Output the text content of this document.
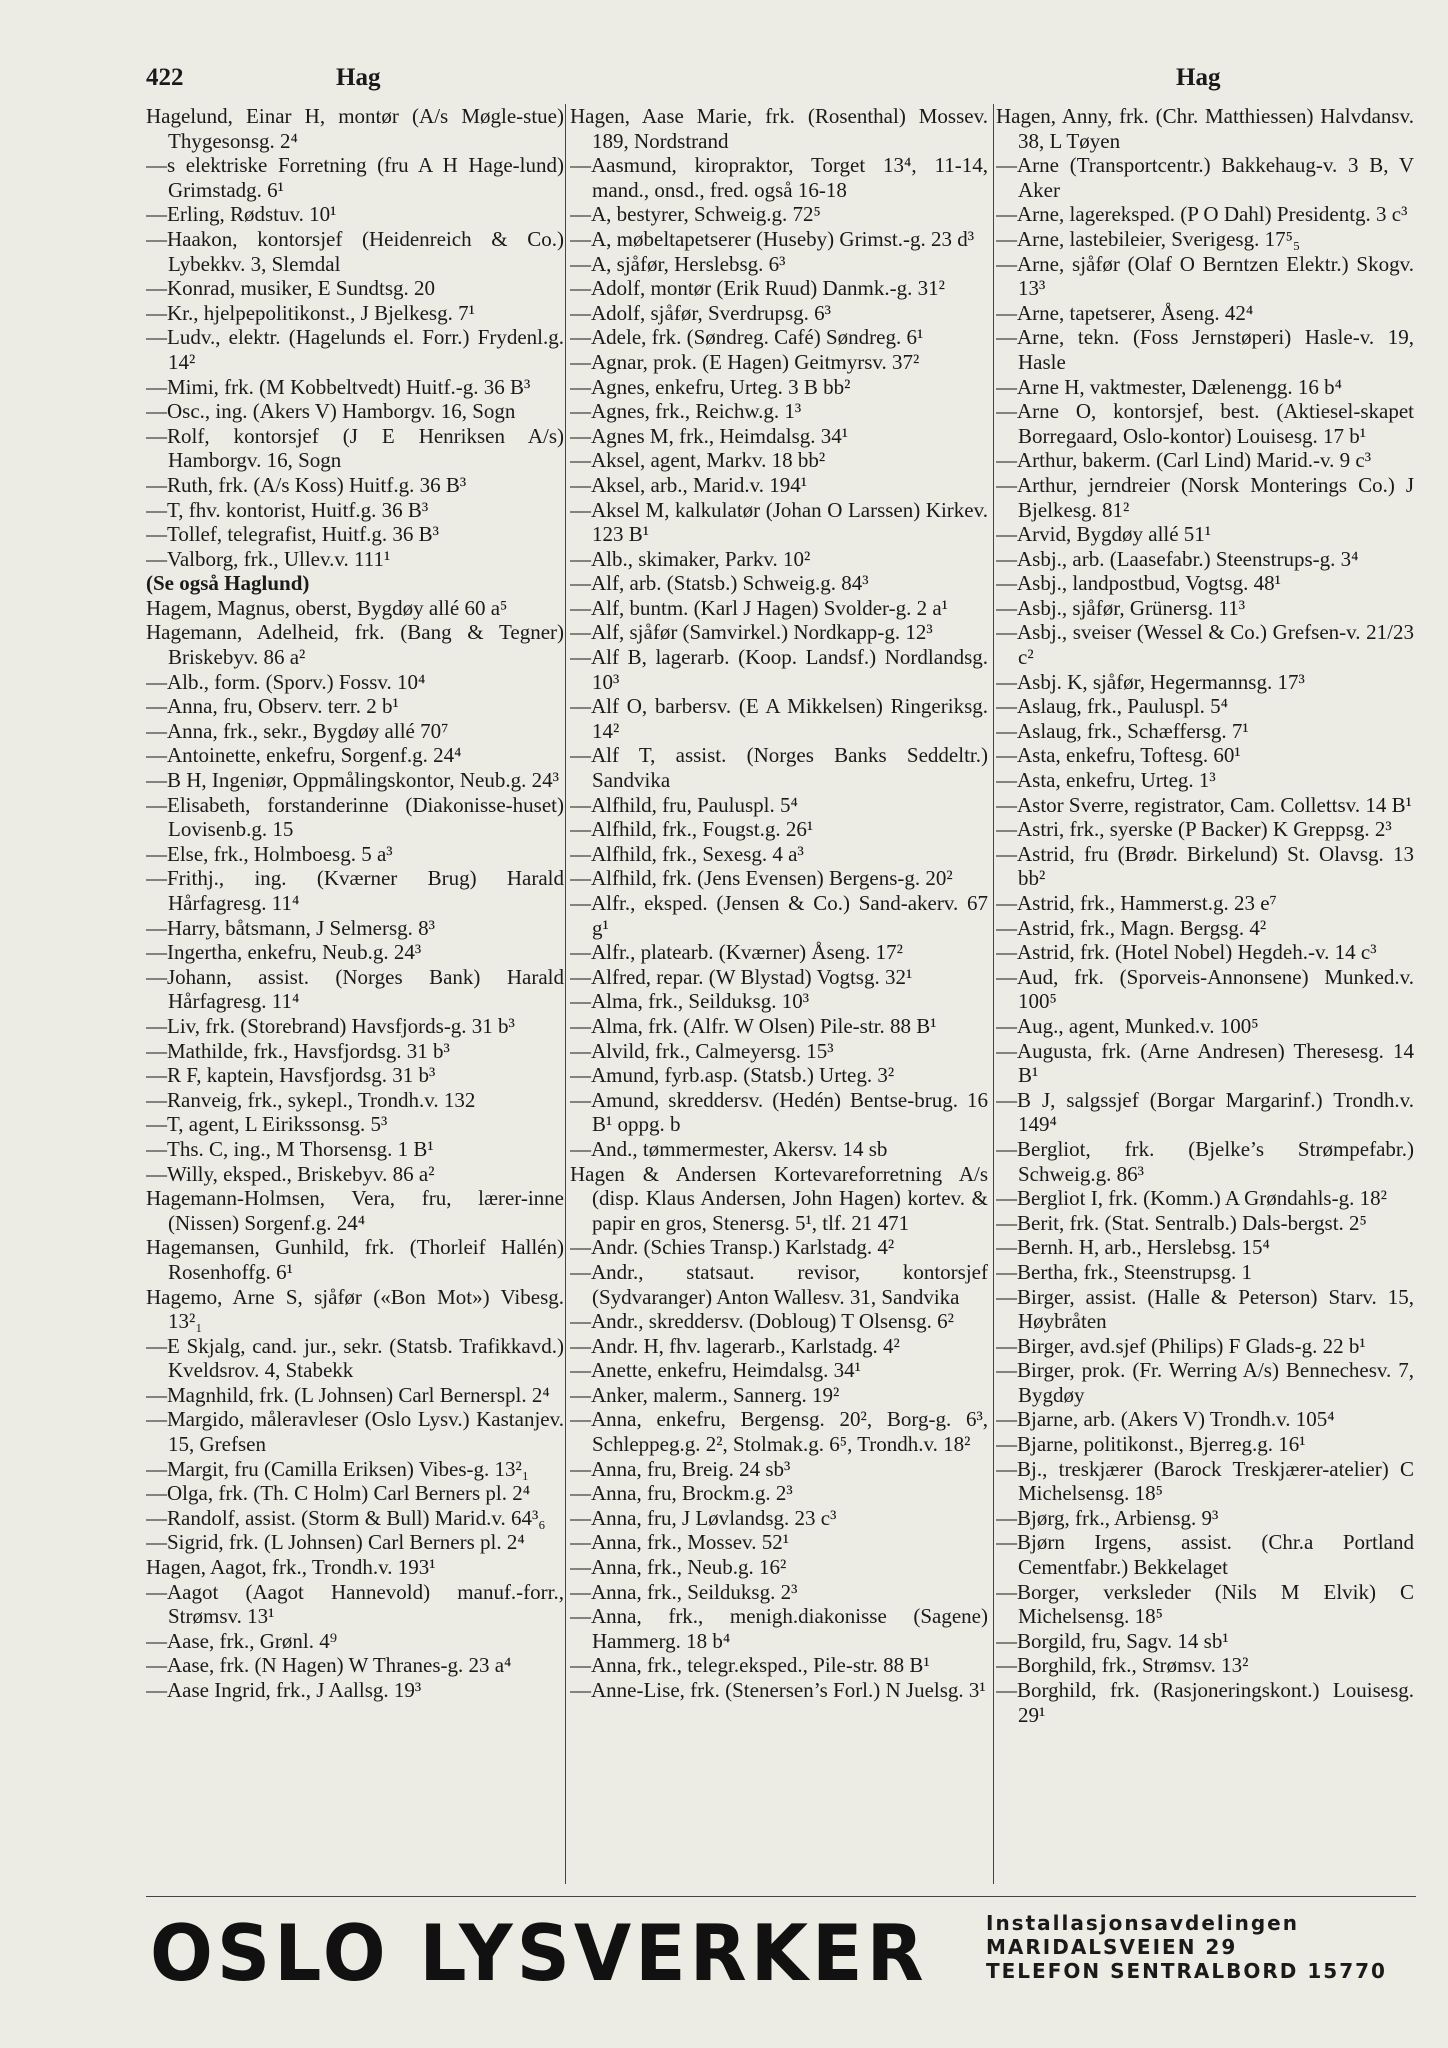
422	Hag	Hag
Hagelund, Einar H, montør (A/s Møgle-stue) Thygesonsg. 2⁴
—s elektriske Forretning (fru A H Hage-lund) Grimstadg. 6¹
—Erling, Rødstuv. 10¹
—Haakon, kontorsjef (Heidenreich & Co.) Lybekkv. 3, Slemdal
—Konrad, musiker, E Sundtsg. 20
—Kr., hjelpepolitikonst., J Bjelkesg. 7¹
—Ludv., elektr. (Hagelunds el. Forr.) Frydenl.g. 14²
—Mimi, frk. (M Kobbeltvedt) Huitf.-g. 36 B³
—Osc., ing. (Akers V) Hamborgv. 16, Sogn
—Rolf, kontorsjef (J E Henriksen A/s) Hamborgv. 16, Sogn
—Ruth, frk. (A/s Koss) Huitf.g. 36 B³
—T, fhv. kontorist, Huitf.g. 36 B³
—Tollef, telegrafist, Huitf.g. 36 B³
—Valborg, frk., Ullev.v. 111¹
(Se også Haglund)
Hagem, Magnus, oberst, Bygdøy allé 60 a⁵
Hagemann, Adelheid, frk. (Bang & Tegner) Briskebyv. 86 a²
—Alb., form. (Sporv.) Fossv. 10⁴
—Anna, fru, Observ. terr. 2 b¹
—Anna, frk., sekr., Bygdøy allé 70⁷
—Antoinette, enkefru, Sorgenf.g. 24⁴
—B H, Ingeniør, Oppmålingskontor, Neub.g. 24³
—Elisabeth, forstanderinne (Diakonisse-huset) Lovisenb.g. 15
—Else, frk., Holmboesg. 5 a³
—Frithj., ing. (Kværner Brug) Harald Hårfagresg. 11⁴
—Harry, båtsmann, J Selmersg. 8³
—Ingertha, enkefru, Neub.g. 24³
—Johann, assist. (Norges Bank) Harald Hårfagresg. 11⁴
—Liv, frk. (Storebrand) Havsfjords-g. 31 b³
—Mathilde, frk., Havsfjordsg. 31 b³
—R F, kaptein, Havsfjordsg. 31 b³
—Ranveig, frk., sykepl., Trondh.v. 132
—T, agent, L Eirikssonsg. 5³
—Ths. C, ing., M Thorsensg. 1 B¹
—Willy, eksped., Briskebyv. 86 a²
Hagemann-Holmsen, Vera, fru, lærer-inne (Nissen) Sorgenf.g. 24⁴
Hagemansen, Gunhild, frk. (Thorleif Hallén) Rosenhoffg. 6¹
Hagemo, Arne S, sjåfør («Bon Mot») Vibesg. 13²₁
—E Skjalg, cand. jur., sekr. (Statsb. Trafikkavd.) Kveldsrov. 4, Stabekk
—Magnhild, frk. (L Johnsen) Carl Bernerspl. 2⁴
—Margido, måleravleser (Oslo Lysv.) Kastanjev. 15, Grefsen
—Margit, fru (Camilla Eriksen) Vibes-g. 13²₁
—Olga, frk. (Th. C Holm) Carl Berners pl. 2⁴
—Randolf, assist. (Storm & Bull) Marid.v. 64³₆
—Sigrid, frk. (L Johnsen) Carl Berners pl. 2⁴
Hagen, Aagot, frk., Trondh.v. 193¹
—Aagot (Aagot Hannevold) manuf.-forr., Strømsv. 13¹
—Aase, frk., Grønl. 4⁹
—Aase, frk. (N Hagen) W Thranes-g. 23 a⁴
—Aase Ingrid, frk., J Aallsg. 19³
Hagen, Aase Marie, frk. (Rosenthal) Mossev. 189, Nordstrand
—Aasmund, kiropraktor, Torget 13⁴, 11-14, mand., onsd., fred. også 16-18
—A, bestyrer, Schweig.g. 72⁵
—A, møbeltapetserer (Huseby) Grimst.-g. 23 d³
—A, sjåfør, Herslebsg. 6³
—Adolf, montør (Erik Ruud) Danmk.-g. 31²
—Adolf, sjåfør, Sverdrupsg. 6³
—Adele, frk. (Søndreg. Café) Søndreg. 6¹
—Agnar, prok. (E Hagen) Geitmyrsv. 37²
—Agnes, enkefru, Urteg. 3 B bb²
—Agnes, frk., Reichw.g. 1³
—Agnes M, frk., Heimdalsg. 34¹
—Aksel, agent, Markv. 18 bb²
—Aksel, arb., Marid.v. 194¹
—Aksel M, kalkulatør (Johan O Larssen) Kirkev. 123 B¹
—Alb., skimaker, Parkv. 10²
—Alf, arb. (Statsb.) Schweig.g. 84³
—Alf, buntm. (Karl J Hagen) Svolder-g. 2 a¹
—Alf, sjåfør (Samvirkel.) Nordkapp-g. 12³
—Alf B, lagerarb. (Koop. Landsf.) Nordlandsg. 10³
—Alf O, barbersv. (E A Mikkelsen) Ringeriksg. 14²
—Alf T, assist. (Norges Banks Seddeltr.) Sandvika
—Alfhild, fru, Pauluspl. 5⁴
—Alfhild, frk., Fougst.g. 26¹
—Alfhild, frk., Sexesg. 4 a³
—Alfhild, frk. (Jens Evensen) Bergens-g. 20²
—Alfr., eksped. (Jensen & Co.) Sand-akerv. 67 g¹
—Alfr., platearb. (Kværner) Åseng. 17²
—Alfred, repar. (W Blystad) Vogtsg. 32¹
—Alma, frk., Seilduksg. 10³
—Alma, frk. (Alfr. W Olsen) Pile-str. 88 B¹
—Alvild, frk., Calmeyersg. 15³
—Amund, fyrb.asp. (Statsb.) Urteg. 3²
—Amund, skreddersv. (Hedén) Bentse-brug. 16 B¹ oppg. b
—And., tømmermester, Akersv. 14 sb
Hagen & Andersen Kortevareforretning A/s (disp. Klaus Andersen, John Hagen) kortev. & papir en gros, Stenersg. 5¹, tlf. 21 471
—Andr. (Schies Transp.) Karlstadg. 4²
—Andr., statsaut. revisor, kontorsjef (Sydvaranger) Anton Wallesv. 31, Sandvika
—Andr., skreddersv. (Dobloug) T Olsensg. 6²
—Andr. H, fhv. lagerarb., Karlstadg. 4²
—Anette, enkefru, Heimdalsg. 34¹
—Anker, malerm., Sannerg. 19²
—Anna, enkefru, Bergensg. 20², Borg-g. 6³, Schleppeg.g. 2², Stolmak.g. 6⁵, Trondh.v. 18²
—Anna, fru, Breig. 24 sb³
—Anna, fru, Brockm.g. 2³
—Anna, fru, J Løvlandsg. 23 c³
—Anna, frk., Mossev. 52¹
—Anna, frk., Neub.g. 16²
—Anna, frk., Seilduksg. 2³
—Anna, frk., menigh.diakonisse (Sagene) Hammerg. 18 b⁴
—Anna, frk., telegr.eksped., Pile-str. 88 B¹
—Anne-Lise, frk. (Stenersen’s Forl.) N Juelsg. 3¹
Hagen, Anny, frk. (Chr. Matthiessen) Halvdansv. 38, L Tøyen
—Arne (Transportcentr.) Bakkehaug-v. 3 B, V Aker
—Arne, lagereksped. (P O Dahl) Presidentg. 3 c³
—Arne, lastebileier, Sverigesg. 17⁵₅
—Arne, sjåfør (Olaf O Berntzen Elektr.) Skogv. 13³
—Arne, tapetserer, Åseng. 42⁴
—Arne, tekn. (Foss Jernstøperi) Hasle-v. 19, Hasle
—Arne H, vaktmester, Dælenengg. 16 b⁴
—Arne O, kontorsjef, best. (Aktiesel-skapet Borregaard, Oslo-kontor) Louisesg. 17 b¹
—Arthur, bakerm. (Carl Lind) Marid.-v. 9 c³
—Arthur, jerndreier (Norsk Monterings Co.) J Bjelkesg. 81²
—Arvid, Bygdøy allé 51¹
—Asbj., arb. (Laasefabr.) Steenstrups-g. 3⁴
—Asbj., landpostbud, Vogtsg. 48¹
—Asbj., sjåfør, Grünersg. 11³
—Asbj., sveiser (Wessel & Co.) Grefsen-v. 21/23 c²
—Asbj. K, sjåfør, Hegermannsg. 17³
—Aslaug, frk., Pauluspl. 5⁴
—Aslaug, frk., Schæffersg. 7¹
—Asta, enkefru, Toftesg. 60¹
—Asta, enkefru, Urteg. 1³
—Astor Sverre, registrator, Cam. Collettsv. 14 B¹
—Astri, frk., syerske (P Backer) K Greppsg. 2³
—Astrid, fru (Brødr. Birkelund) St. Olavsg. 13 bb²
—Astrid, frk., Hammerst.g. 23 e⁷
—Astrid, frk., Magn. Bergsg. 4²
—Astrid, frk. (Hotel Nobel) Hegdeh.-v. 14 c³
—Aud, frk. (Sporveis-Annonsene) Munked.v. 100⁵
—Aug., agent, Munked.v. 100⁵
—Augusta, frk. (Arne Andresen) Theresesg. 14 B¹
—B J, salgssjef (Borgar Margarinf.) Trondh.v. 149⁴
—Bergliot, frk. (Bjelke’s Strømpefabr.) Schweig.g. 86³
—Bergliot I, frk. (Komm.) A Grøndahls-g. 18²
—Berit, frk. (Stat. Sentralb.) Dals-bergst. 2⁵
—Bernh. H, arb., Herslebsg. 15⁴
—Bertha, frk., Steenstrupsg. 1
—Birger, assist. (Halle & Peterson) Starv. 15, Høybråten
—Birger, avd.sjef (Philips) F Glads-g. 22 b¹
—Birger, prok. (Fr. Werring A/s) Bennechesv. 7, Bygdøy
—Bjarne, arb. (Akers V) Trondh.v. 105⁴
—Bjarne, politikonst., Bjerreg.g. 16¹
—Bj., treskjærer (Barock Treskjærer-atelier) C Michelsensg. 18⁵
—Bjørg, frk., Arbiensg. 9³
—Bjørn Irgens, assist. (Chr.a Portland Cementfabr.) Bekkelaget
—Borger, verksleder (Nils M Elvik) C Michelsensg. 18⁵
—Borgild, fru, Sagv. 14 sb¹
—Borghild, frk., Strømsv. 13²
—Borghild, frk. (Rasjoneringskont.) Louisesg. 29¹
OSLO LYSVERKER	Installasjonsavdelingen
MARIDALSVEIEN 29
TELEFON SENTRALBORD 15770
